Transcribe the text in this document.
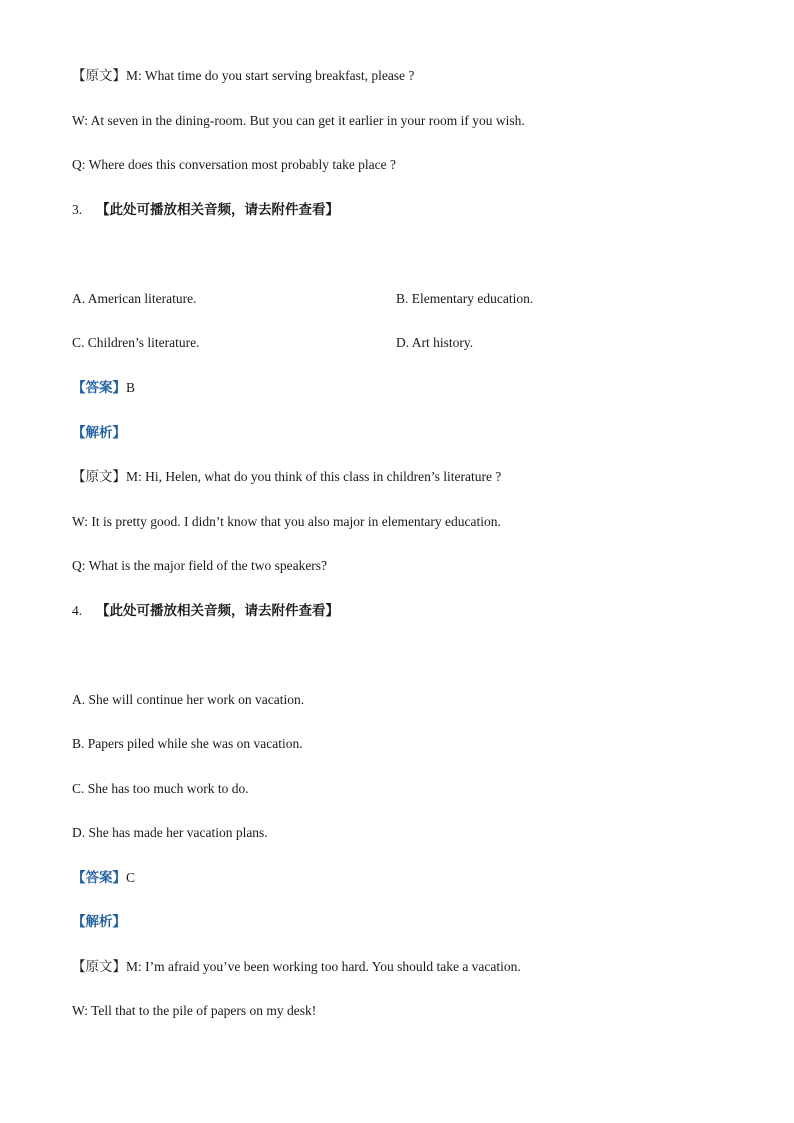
【原文】M: What time do you start serving breakfast, please ?
W: At seven in the dining-room. But you can get it earlier in your room if you wish.
Q: Where does this conversation most probably take place ?
3. 【此处可播放相关音频，请去附件查看】
A. American literature.	B. Elementary education.
C. Children’s literature.	D. Art history.
【答案】B
【解析】
【原文】M: Hi, Helen, what do you think of this class in children’s literature ?
W: It is pretty good. I didn’t know that you also major in elementary education.
Q: What is the major field of the two speakers?
4. 【此处可播放相关音频，请去附件查看】
A. She will continue her work on vacation.
B. Papers piled while she was on vacation.
C. She has too much work to do.
D. She has made her vacation plans.
【答案】C
【解析】
【原文】M: I’m afraid you’ve been working too hard. You should take a vacation.
W: Tell that to the pile of papers on my desk!
